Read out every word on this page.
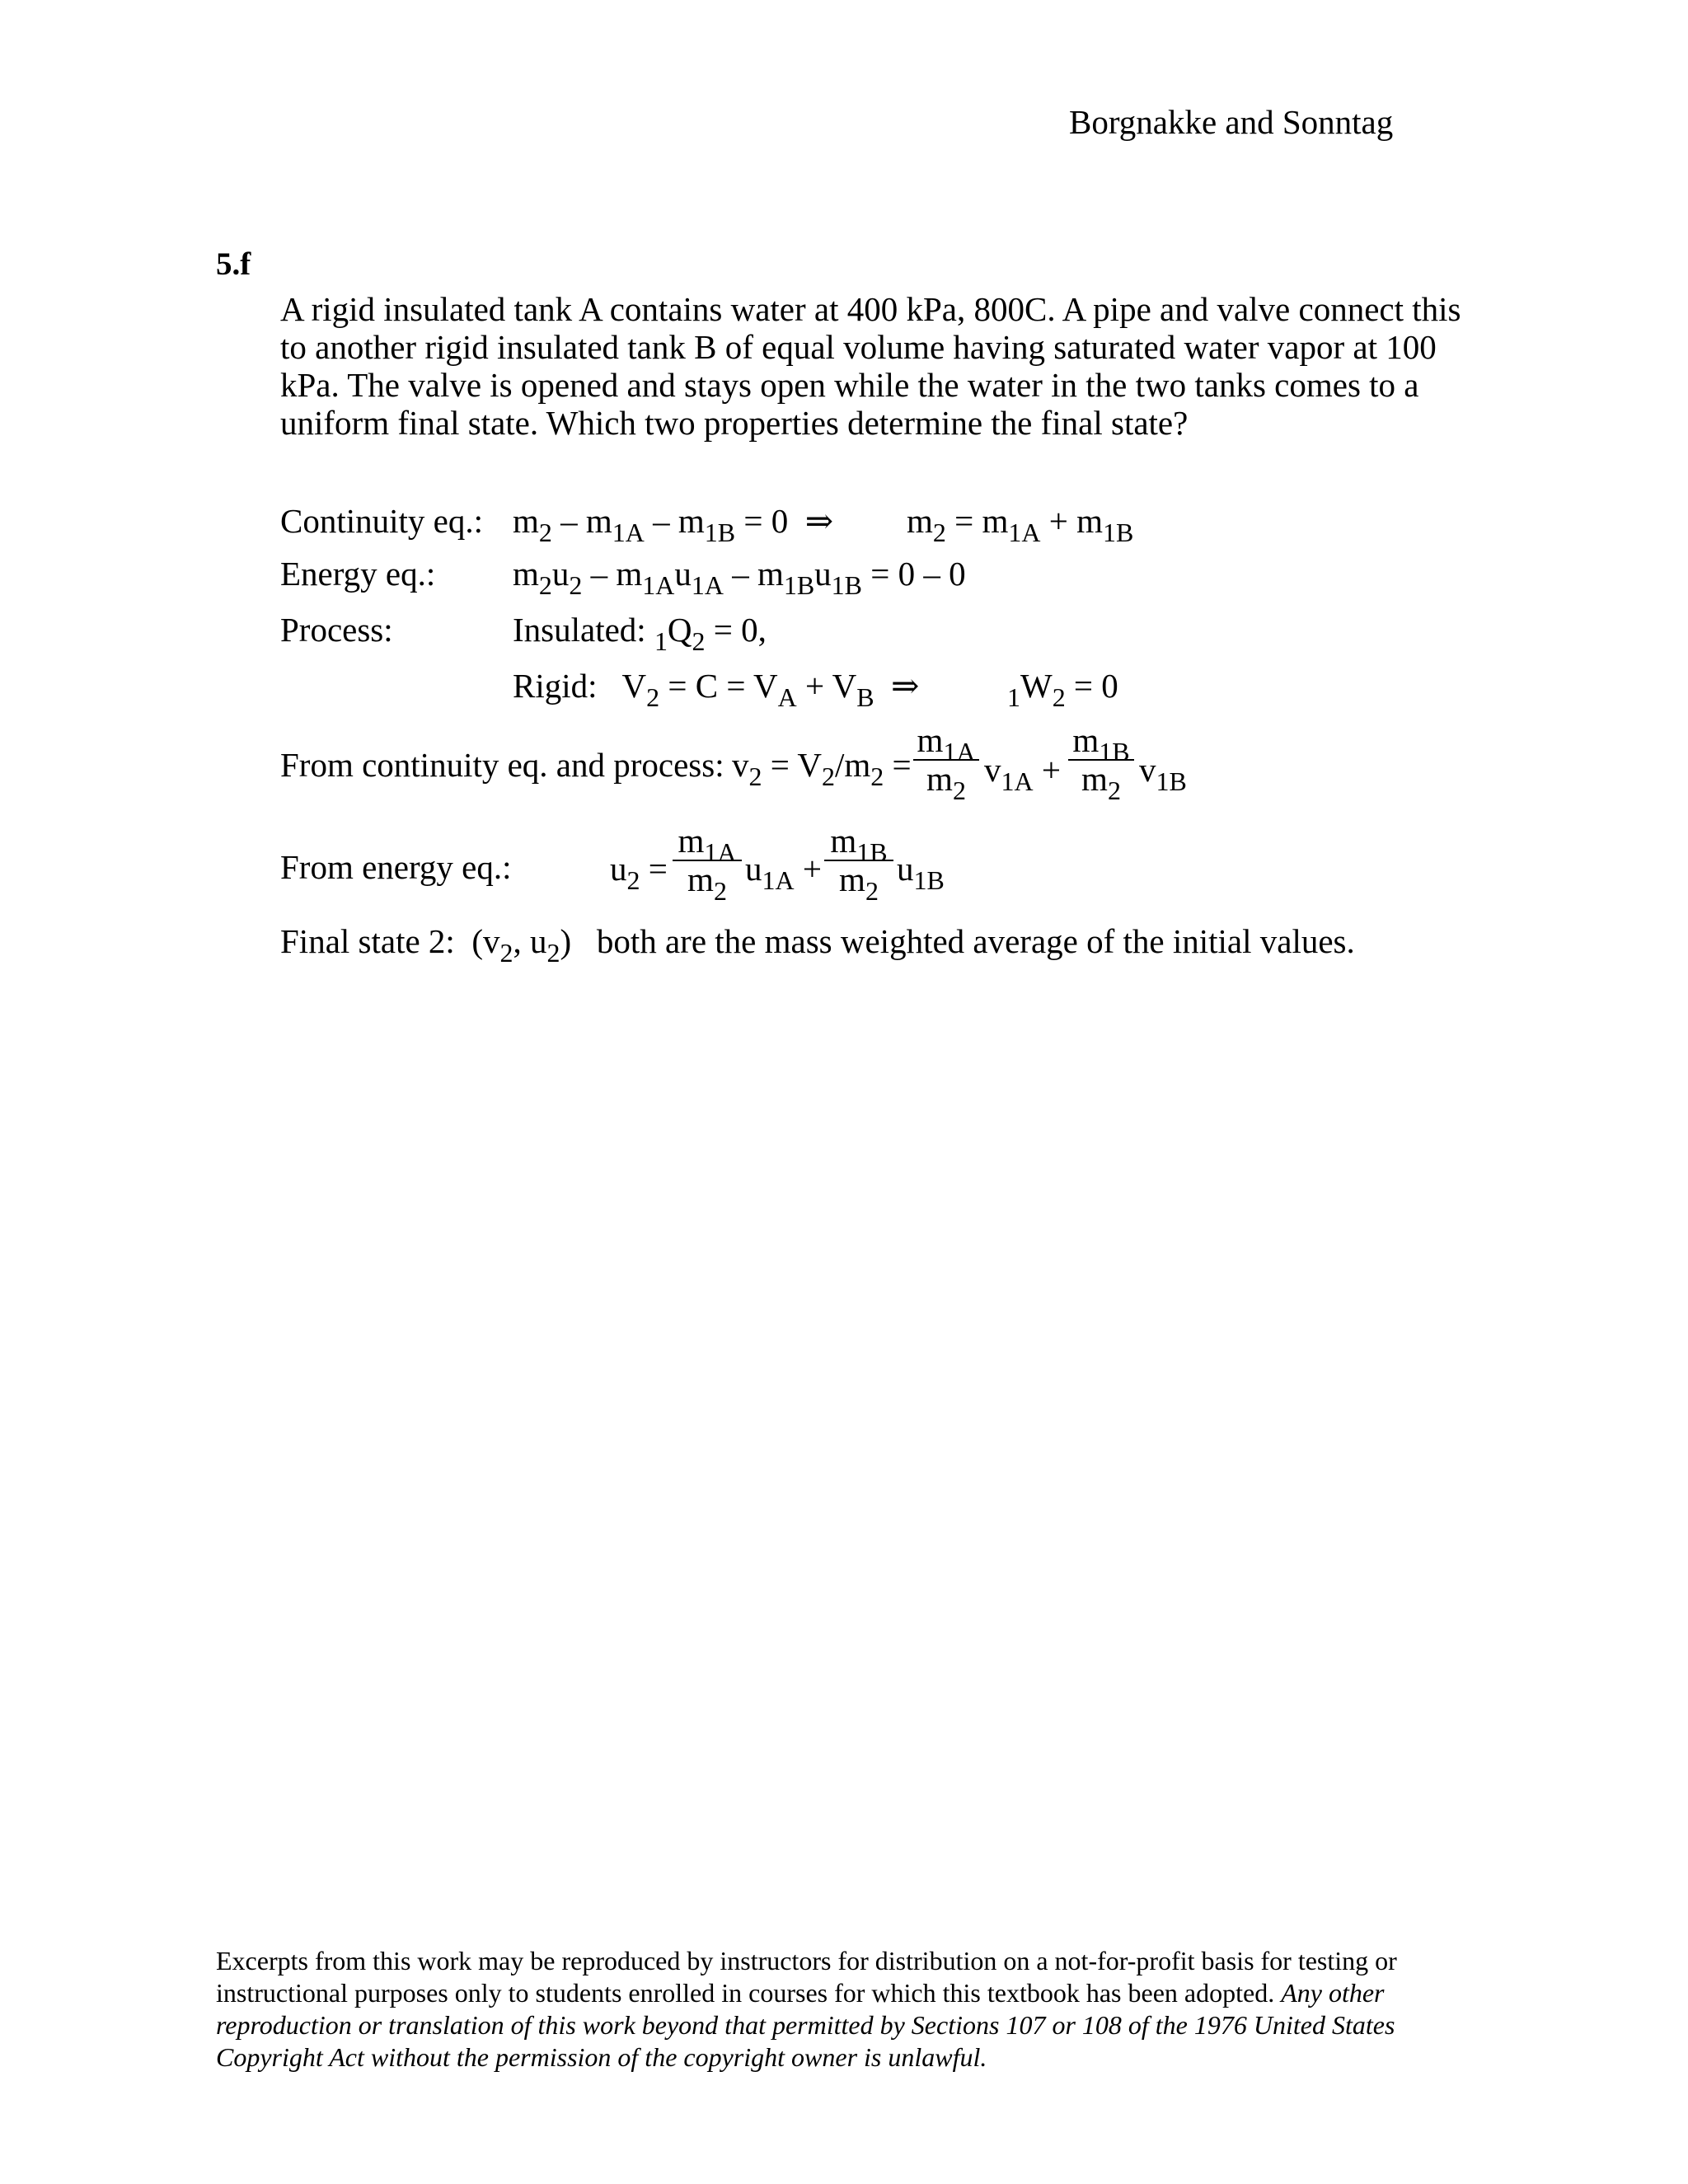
Borgnakke and Sonntag
5.f
A rigid insulated tank A contains water at 400 kPa, 800C. A pipe and valve connect this to another rigid insulated tank B of equal volume having saturated water vapor at 100 kPa. The valve is opened and stays open while the water in the two tanks comes to a uniform final state. Which two properties determine the final state?
Continuity eq.: $m_2 - m_{1A} - m_{1B} = 0$  ⇒ $m_2 = m_{1A} + m_{1B}$
Energy eq.: $m_2u_2 - m_{1A}u_{1A} - m_{1B}u_{1B} = 0 - 0$
Process:	Insulated: $_1Q_2 = 0$,
Rigid:   $V_2 = C = V_A + V_B$  ⇒	$_1W_2 = 0$
From continuity eq. and process: $v_2 = V_2/m_2$ =
$m_{1A}$
$m_2$
$v_{1A}$ +
$m_{1B}$
$m_2$
$v_{1B}$
From energy eq.:	$u_2$ =
$m_{1A}$
$m_2$
$u_{1A}$ +
$m_{1B}$
$m_2$
$u_{1B}$
Final state 2:  ($v_2$, $u_2$)   both are the mass weighted average of the initial values.
Excerpts from this work may be reproduced by instructors for distribution on a not-for-profit basis for testing or instructional purposes only to students enrolled in courses for which this textbook has been adopted. Any other reproduction or translation of this work beyond that permitted by Sections 107 or 108 of the 1976 United States Copyright Act without the permission of the copyright owner is unlawful.
